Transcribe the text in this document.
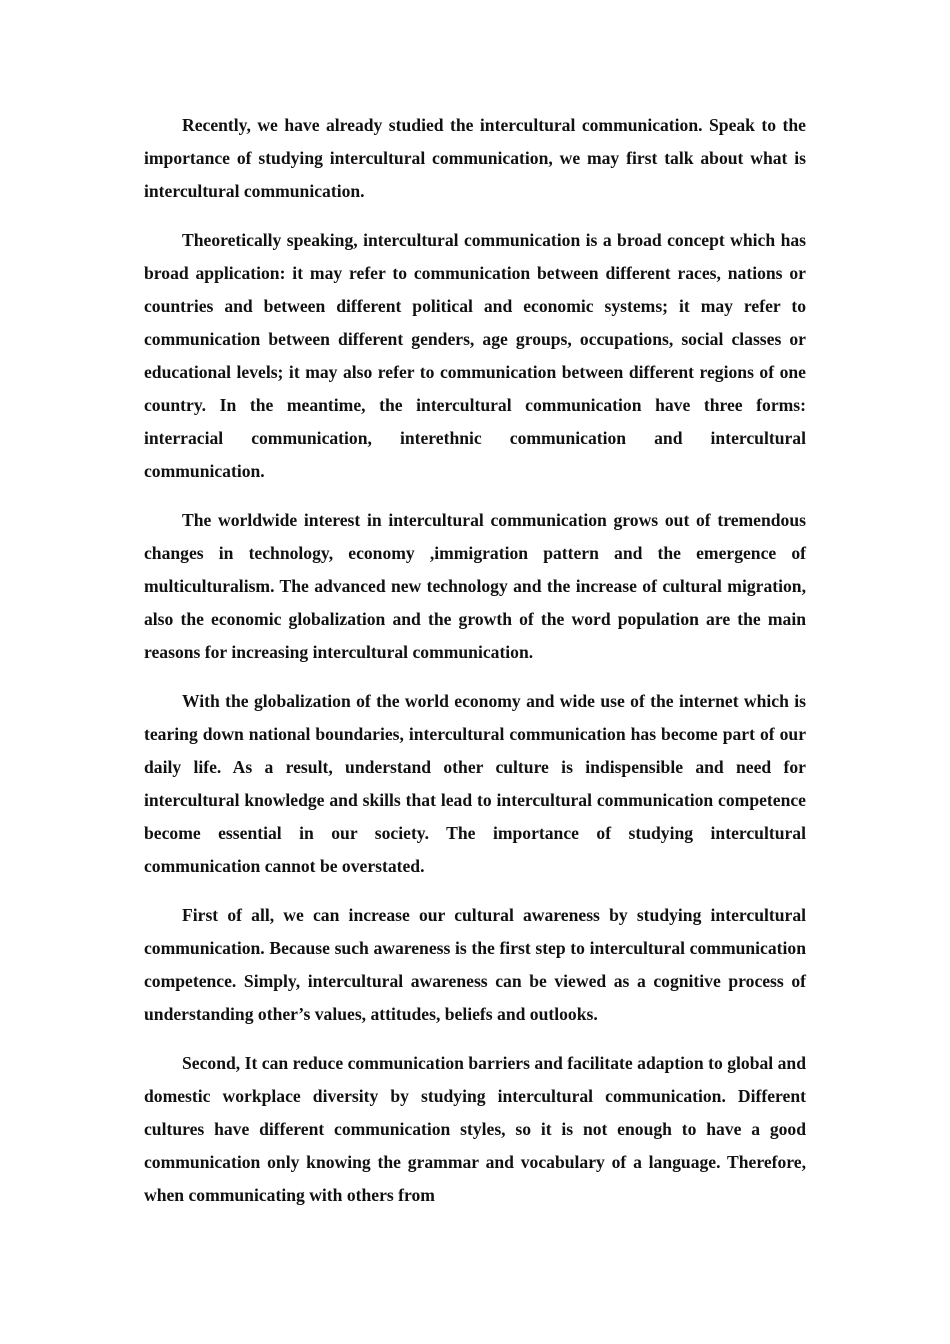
Recently, we have already studied the intercultural communication. Speak to the importance of studying intercultural communication, we may first talk about what is intercultural communication.

Theoretically speaking, intercultural communication is a broad concept which has broad application: it may refer to communication between different races, nations or countries and between different political and economic systems; it may refer to communication between different genders, age groups, occupations, social classes or educational levels; it may also refer to communication between different regions of one country. In the meantime, the intercultural communication have three forms: interracial communication, interethnic communication and intercultural communication.

The worldwide interest in intercultural communication grows out of tremendous changes in technology, economy ,immigration pattern and the emergence of multiculturalism. The advanced new technology and the increase of cultural migration, also the economic globalization and the growth of the word population are the main reasons for increasing intercultural communication.

With the globalization of the world economy and wide use of the internet which is tearing down national boundaries, intercultural communication has become part of our daily life. As a result, understand other culture is indispensible and need for intercultural knowledge and skills that lead to intercultural communication competence become essential in our society. The importance of studying intercultural communication cannot be overstated.

First of all, we can increase our cultural awareness by studying intercultural communication. Because such awareness is the first step to intercultural communication competence. Simply, intercultural awareness can be viewed as a cognitive process of understanding other’s values, attitudes, beliefs and outlooks.

Second, It can reduce communication barriers and facilitate adaption to global and domestic workplace diversity by studying intercultural communication. Different cultures have different communication styles, so it is not enough to have a good communication only knowing the grammar and vocabulary of a language. Therefore, when communicating with others from
